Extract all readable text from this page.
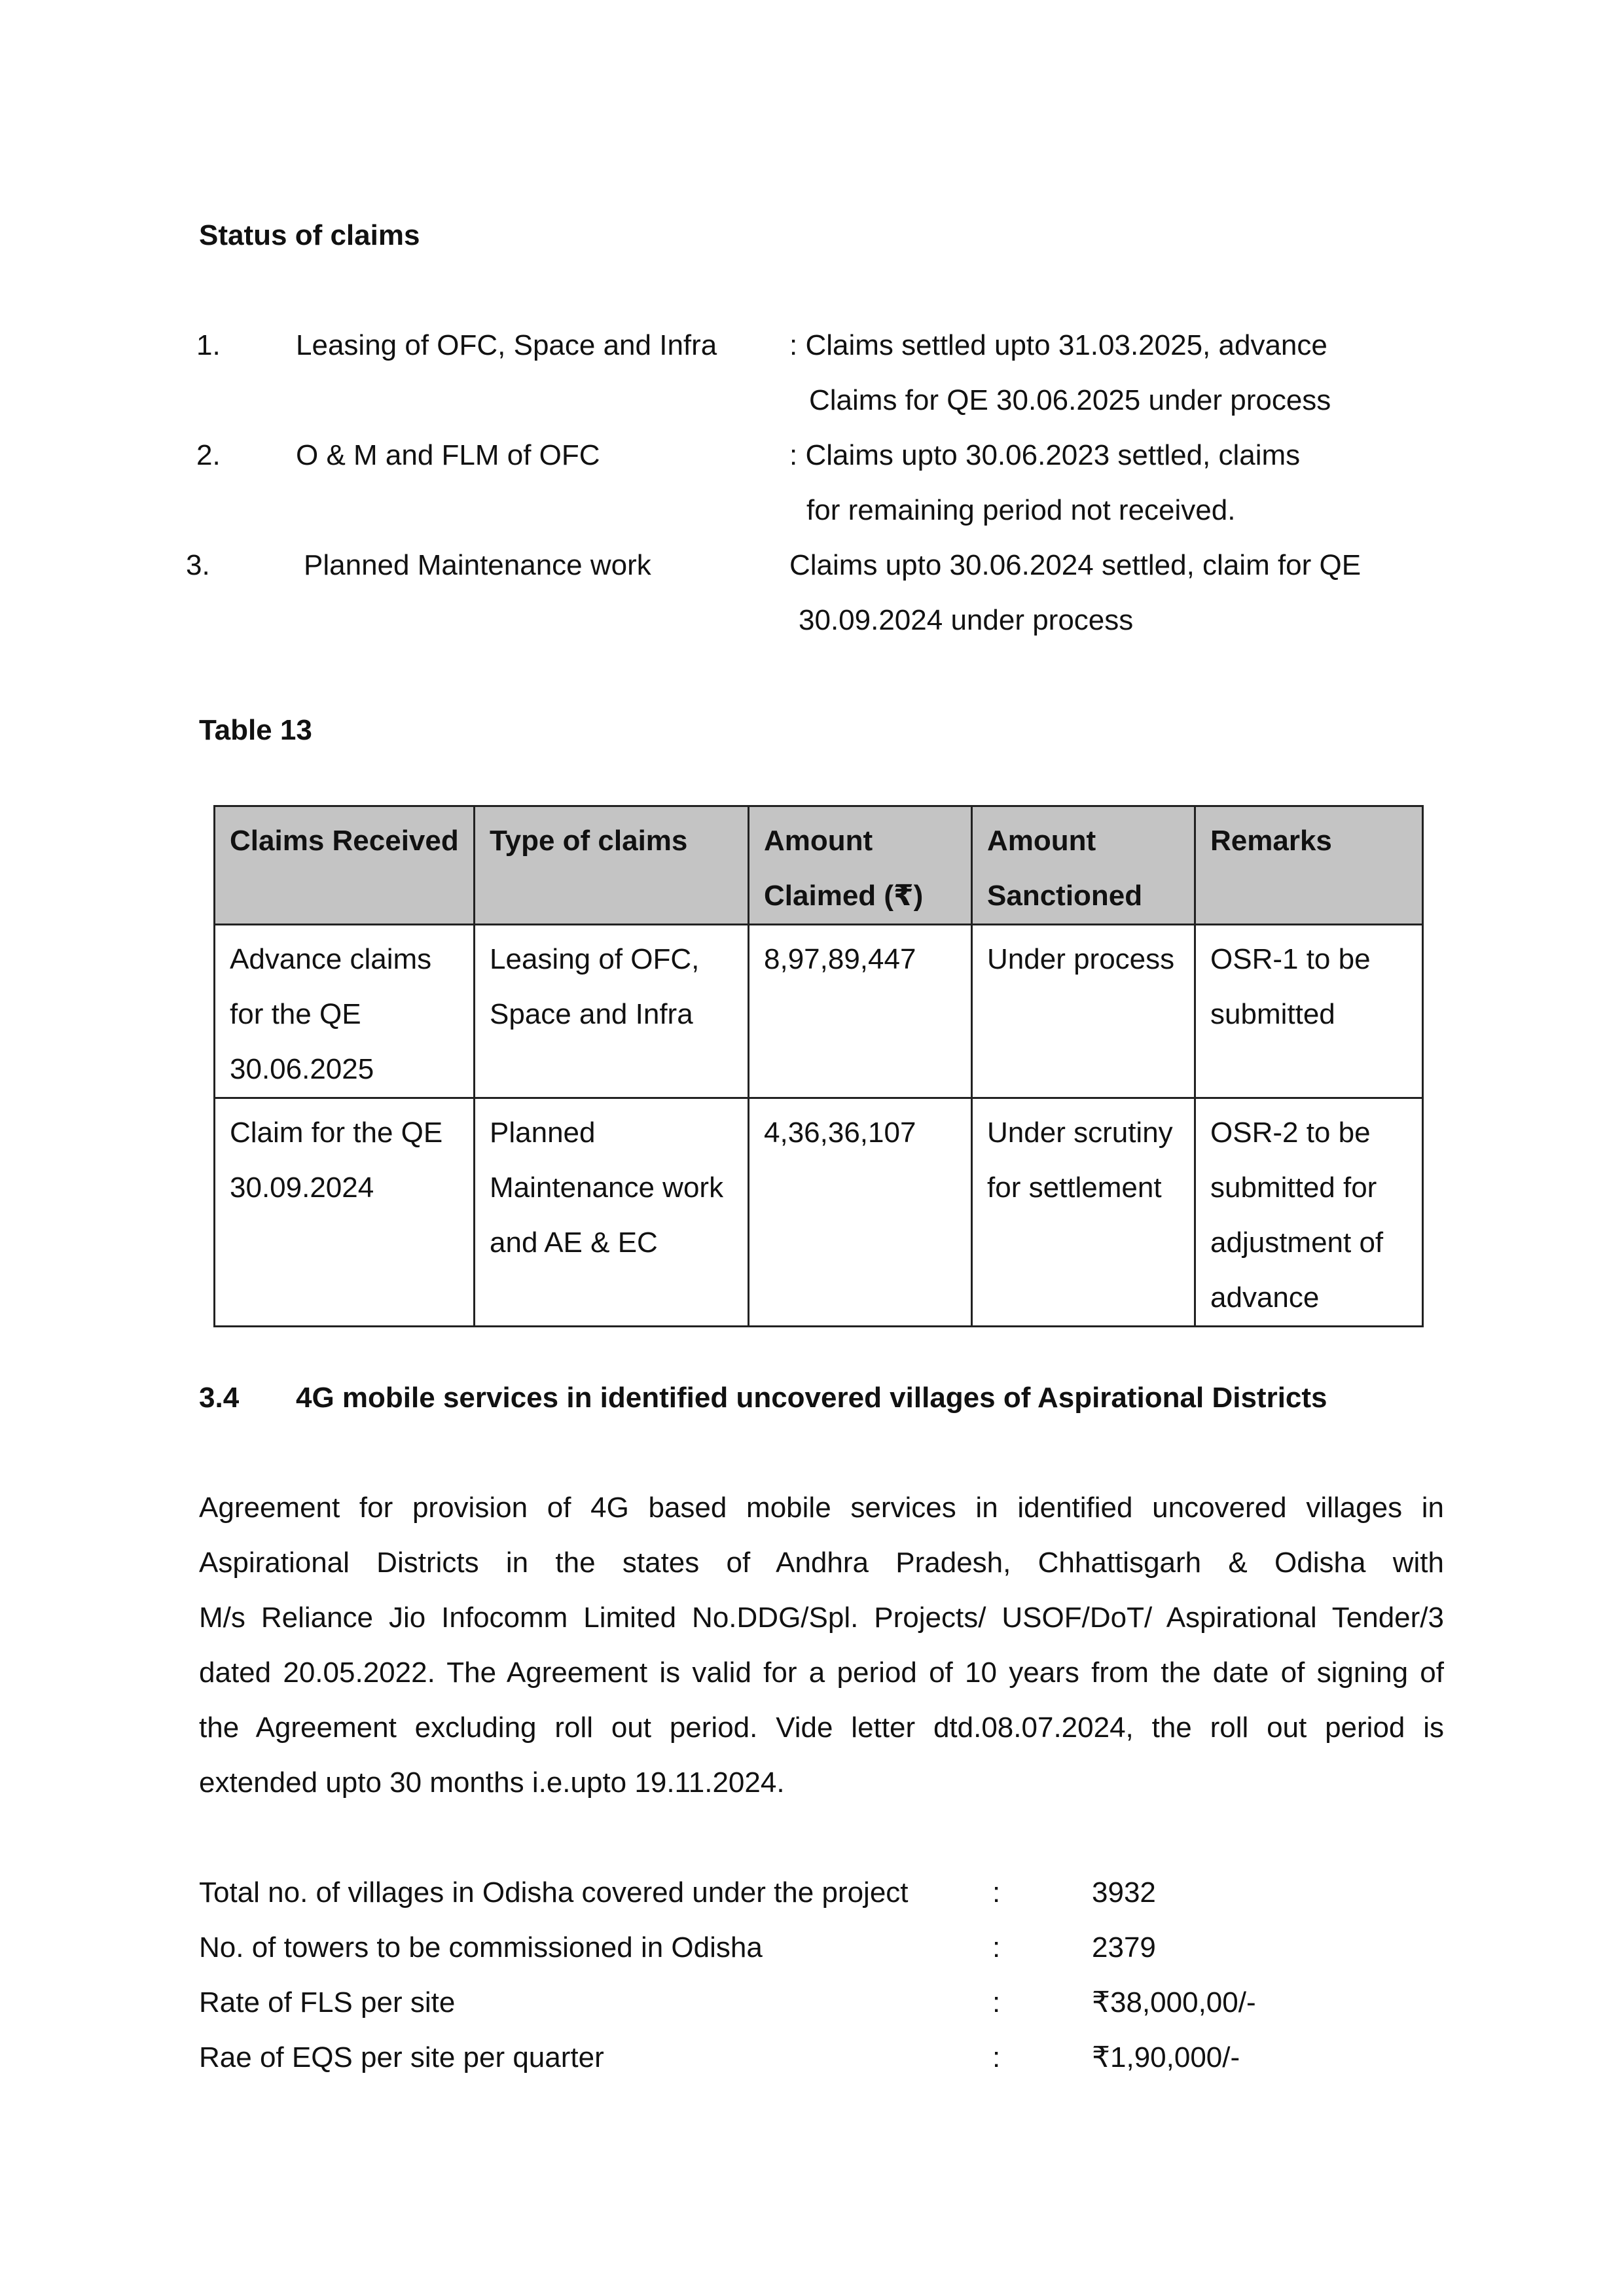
Status of claims
1.	Leasing of OFC, Space and Infra	: Claims settled upto 31.03.2025, advance
Claims for QE 30.06.2025 under process
2.	O & M and FLM of OFC	: Claims upto 30.06.2023 settled, claims
for remaining period not received.
3.	Planned Maintenance work	Claims upto 30.06.2024 settled, claim for QE
30.09.2024 under process
Table 13
Claims Received	Type of claims	Amount Claimed (₹)	Amount Sanctioned	Remarks
Advance claims for the QE 30.06.2025	Leasing of OFC, Space and Infra	8,97,89,447	Under process	OSR-1 to be submitted
Claim for the QE 30.09.2024	Planned Maintenance work and AE & EC	4,36,36,107	Under scrutiny for settlement	OSR-2 to be submitted for adjustment of advance
3.4 4G mobile services in identified uncovered villages of Aspirational Districts
Agreement for provision of 4G based mobile services in identified uncovered villages in
Aspirational Districts in the states of Andhra Pradesh, Chhattisgarh & Odisha with
M/s Reliance Jio Infocomm Limited No.DDG/Spl. Projects/ USOF/DoT/ Aspirational Tender/3
dated 20.05.2022. The Agreement is valid for a period of 10 years from the date of signing of
the Agreement excluding roll out period. Vide letter dtd.08.07.2024, the roll out period is
extended upto 30 months i.e.upto 19.11.2024.
Total no. of villages in Odisha covered under the project	:	3932
No. of towers to be commissioned in Odisha	:	2379
Rate of FLS per site	:	₹38,000,00/-
Rae of EQS per site per quarter	:	₹1,90,000/-
